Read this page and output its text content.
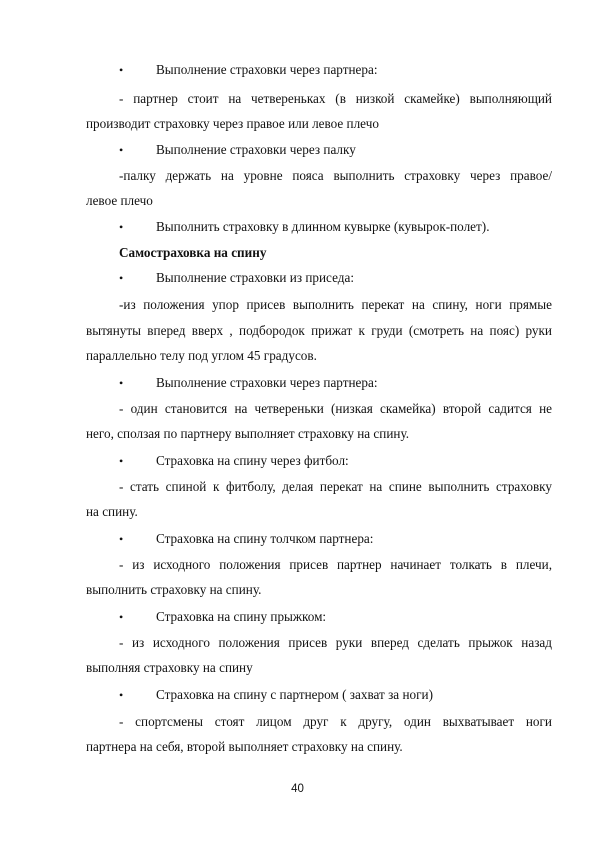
• Выполнение страховки через партнера:
- партнер стоит на четвереньках (в низкой скамейке) выполняющий
производит страховку через правое или левое плечо
• Выполнение страховки через палку
-палку держать на уровне пояса выполнить страховку через правое/
левое плечо
• Выполнить страховку в длинном кувырке (кувырок-полет).
Самостраховка на спину
• Выполнение страховки из приседа:
-из положения упор присев выполнить перекат на спину, ноги прямые
вытянуты вперед вверх , подбородок прижат к груди (смотреть на пояс) руки
параллельно телу под углом 45 градусов.
• Выполнение страховки через партнера:
- один становится на четвереньки (низкая скамейка) второй садится не
него, сползая по партнеру выполняет страховку на спину.
• Страховка на спину через фитбол:
- стать спиной к фитболу, делая перекат на спине выполнить страховку
на спину.
• Страховка на спину толчком партнера:
- из исходного положения присев партнер начинает толкать в плечи,
выполнить страховку на спину.
• Страховка на спину прыжком:
- из исходного положения присев руки вперед сделать прыжок назад
выполняя страховку на спину
• Страховка на спину с партнером ( захват за ноги)
- спортсмены стоят лицом друг к другу, один выхватывает ноги
партнера на себя, второй выполняет страховку на спину.
40
